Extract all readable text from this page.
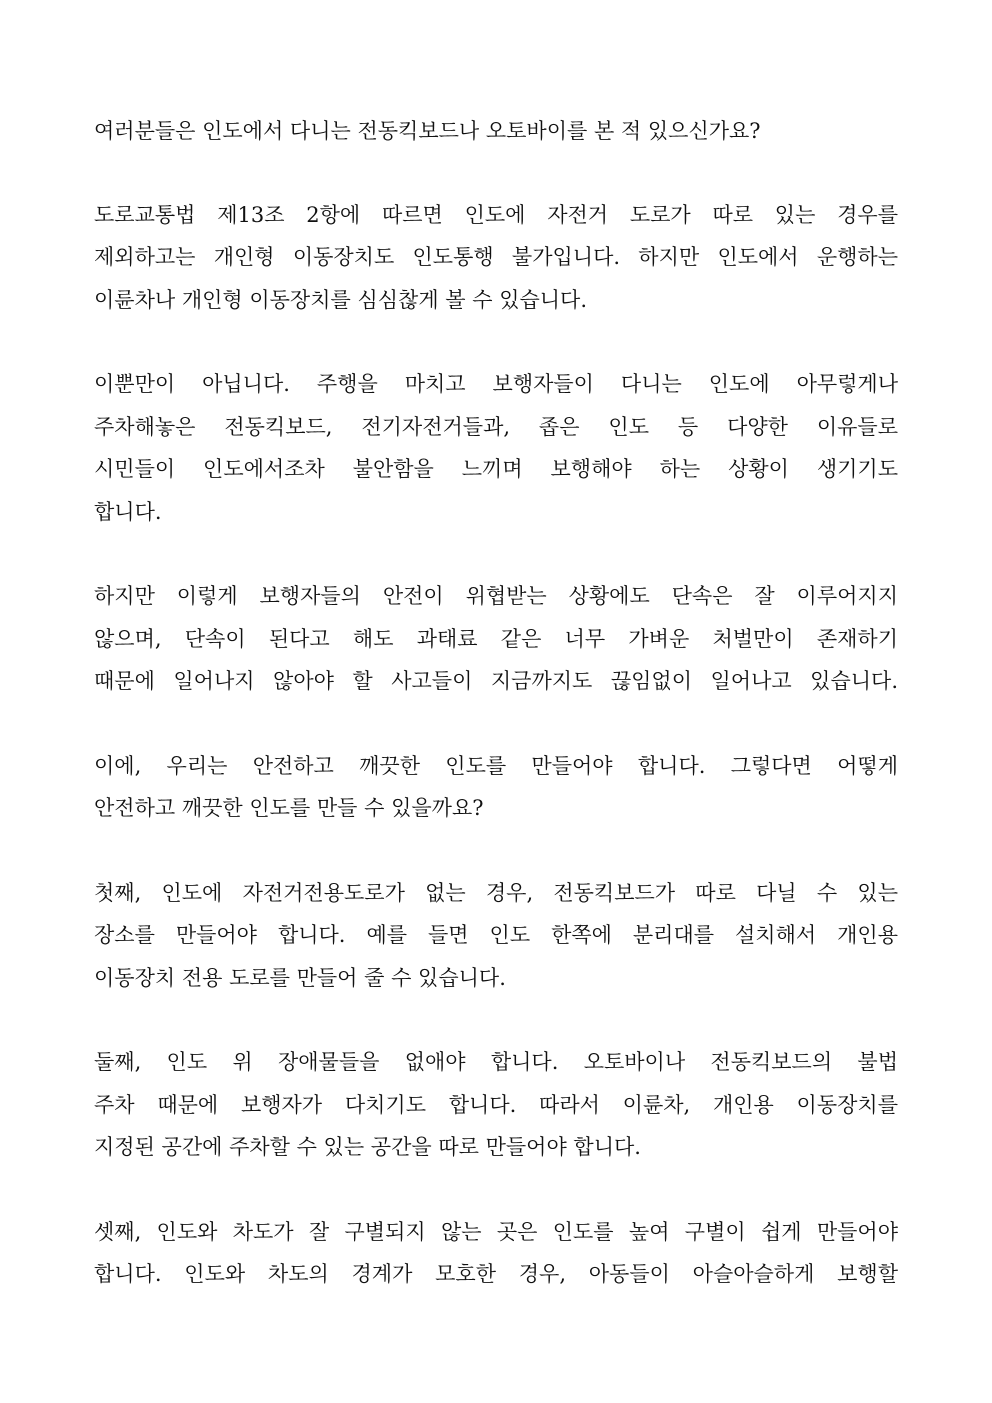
여러분들은 인도에서 다니는 전동킥보드나 오토바이를 본 적 있으신가요?

도로교통법 제13조 2항에 따르면 인도에 자전거 도로가 따로 있는 경우를
제외하고는 개인형 이동장치도 인도통행 불가입니다. 하지만 인도에서 운행하는
이륜차나 개인형 이동장치를 심심찮게 볼 수 있습니다.

이뿐만이 아닙니다. 주행을 마치고 보행자들이 다니는 인도에 아무렇게나
주차해놓은 전동킥보드, 전기자전거들과, 좁은 인도 등 다양한 이유들로
시민들이 인도에서조차 불안함을 느끼며 보행해야 하는 상황이 생기기도
합니다.

하지만 이렇게 보행자들의 안전이 위협받는 상황에도 단속은 잘 이루어지지
않으며, 단속이 된다고 해도 과태료 같은 너무 가벼운 처벌만이 존재하기
때문에 일어나지 않아야 할 사고들이 지금까지도 끊임없이 일어나고 있습니다.

이에, 우리는 안전하고 깨끗한 인도를 만들어야 합니다. 그렇다면 어떻게
안전하고 깨끗한 인도를 만들 수 있을까요?

첫째, 인도에 자전거전용도로가 없는 경우, 전동킥보드가 따로 다닐 수 있는
장소를 만들어야 합니다. 예를 들면 인도 한쪽에 분리대를 설치해서 개인용
이동장치 전용 도로를 만들어 줄 수 있습니다.

둘째, 인도 위 장애물들을 없애야 합니다. 오토바이나 전동킥보드의 불법
주차 때문에 보행자가 다치기도 합니다. 따라서 이륜차, 개인용 이동장치를
지정된 공간에 주차할 수 있는 공간을 따로 만들어야 합니다.

셋째, 인도와 차도가 잘 구별되지 않는 곳은 인도를 높여 구별이 쉽게 만들어야
합니다. 인도와 차도의 경계가 모호한 경우, 아동들이 아슬아슬하게 보행할
